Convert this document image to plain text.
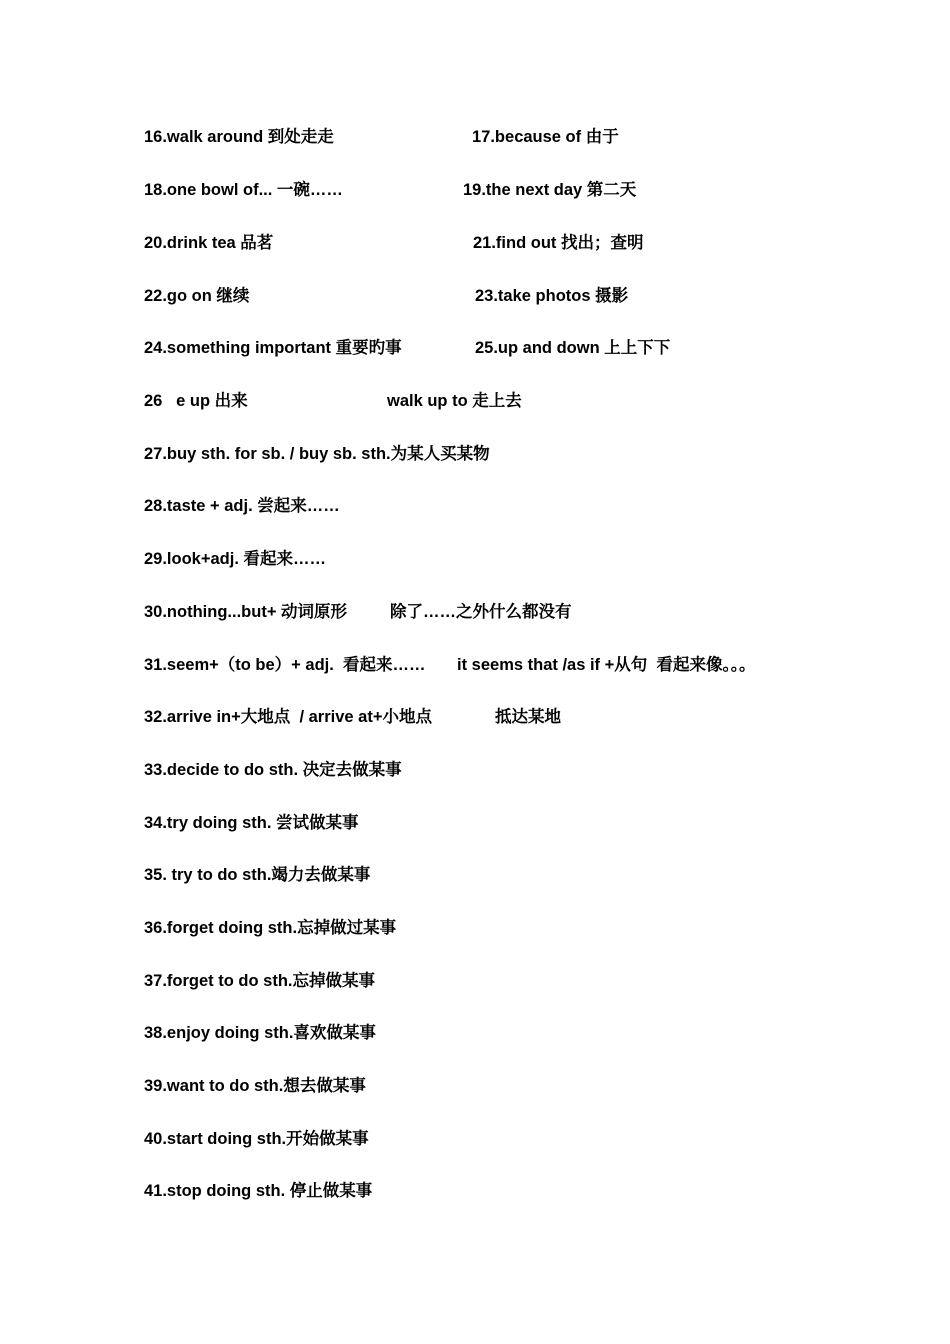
16.walk around 到处走走	17.because of 由于
18.one bowl of... 一碗……	19.the next day 第二天
20.drink tea 品茗	21.find out 找出；查明
22.go on 继续	23.take photos 摄影
24.something important 重要旳事	25.up and down 上上下下
26   e up 出来	walk up to 走上去
27.buy sth. for sb. / buy sb. sth.为某人买某物
28.taste + adj. 尝起来……
29.look+adj. 看起来……
30.nothing...but+ 动词原形	除了……之外什么都没有
31.seem+（to be）+ adj.  看起来…… it seems that /as if +从句  看起来像。。。
32.arrive in+大地点  / arrive at+小地点	抵达某地
33.decide to do sth. 决定去做某事
34.try doing sth. 尝试做某事
35. try to do sth.竭力去做某事
36.forget doing sth.忘掉做过某事
37.forget to do sth.忘掉做某事
38.enjoy doing sth.喜欢做某事
39.want to do sth.想去做某事
40.start doing sth.开始做某事
41.stop doing sth. 停止做某事
